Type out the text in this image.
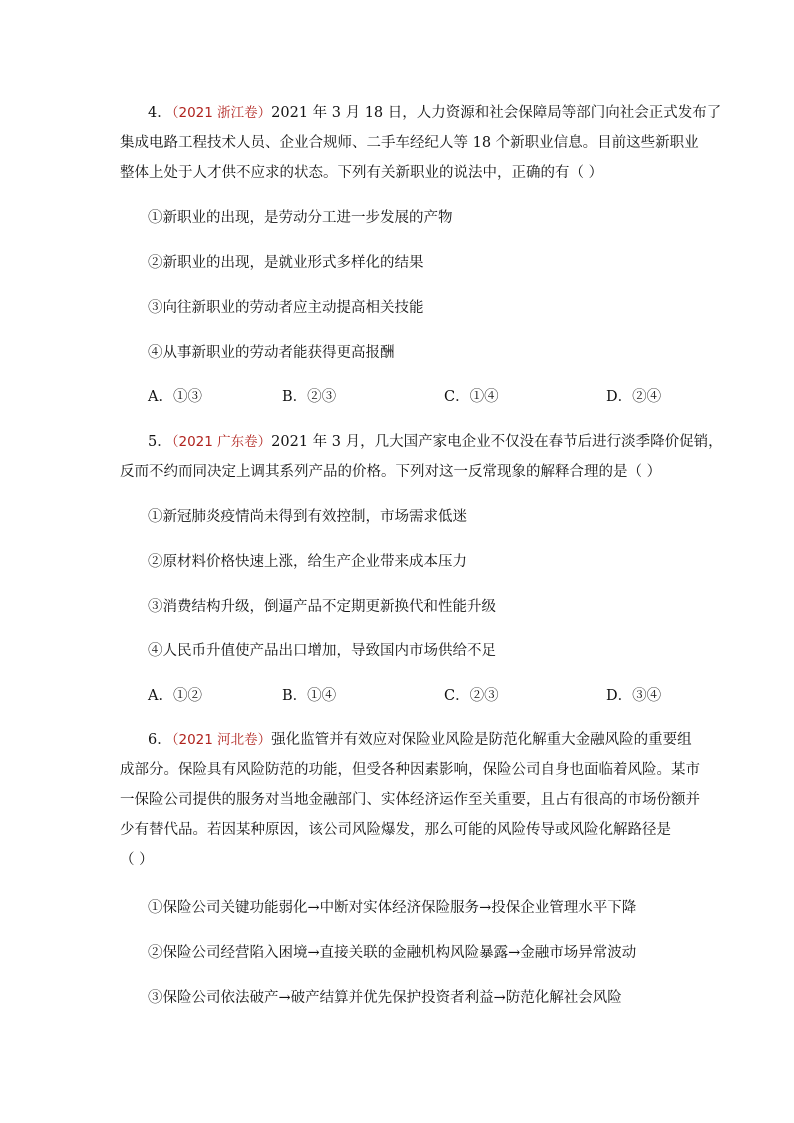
4．（2021 浙江卷）2021 年 3 月 18 日，人力资源和社会保障局等部门向社会正式发布了
集成电路工程技术人员、企业合规师、二手车经纪人等 18 个新职业信息。目前这些新职业
整体上处于人才供不应求的状态。下列有关新职业的说法中，正确的有（ ）
①新职业的出现，是劳动分工进一步发展的产物
②新职业的出现，是就业形式多样化的结果
③向往新职业的劳动者应主动提高相关技能
④从事新职业的劳动者能获得更高报酬
A．①③	B．②③	C．①④	D．②④
5．（2021 广东卷）2021 年 3 月，几大国产家电企业不仅没在春节后进行淡季降价促销，
反而不约而同决定上调其系列产品的价格。下列对这一反常现象的解释合理的是（ ）
①新冠肺炎疫情尚未得到有效控制，市场需求低迷
②原材料价格快速上涨，给生产企业带来成本压力
③消费结构升级，倒逼产品不定期更新换代和性能升级
④人民币升值使产品出口增加，导致国内市场供给不足
A．①②	B．①④	C．②③	D．③④
6．（2021 河北卷）强化监管并有效应对保险业风险是防范化解重大金融风险的重要组
成部分。保险具有风险防范的功能，但受各种因素影响，保险公司自身也面临着风险。某市
一保险公司提供的服务对当地金融部门、实体经济运作至关重要，且占有很高的市场份额并
少有替代品。若因某种原因，该公司风险爆发，那么可能的风险传导或风险化解路径是
（ ）
①保险公司关键功能弱化→中断对实体经济保险服务→投保企业管理水平下降
②保险公司经营陷入困境→直接关联的金融机构风险暴露→金融市场异常波动
③保险公司依法破产→破产结算并优先保护投资者利益→防范化解社会风险
